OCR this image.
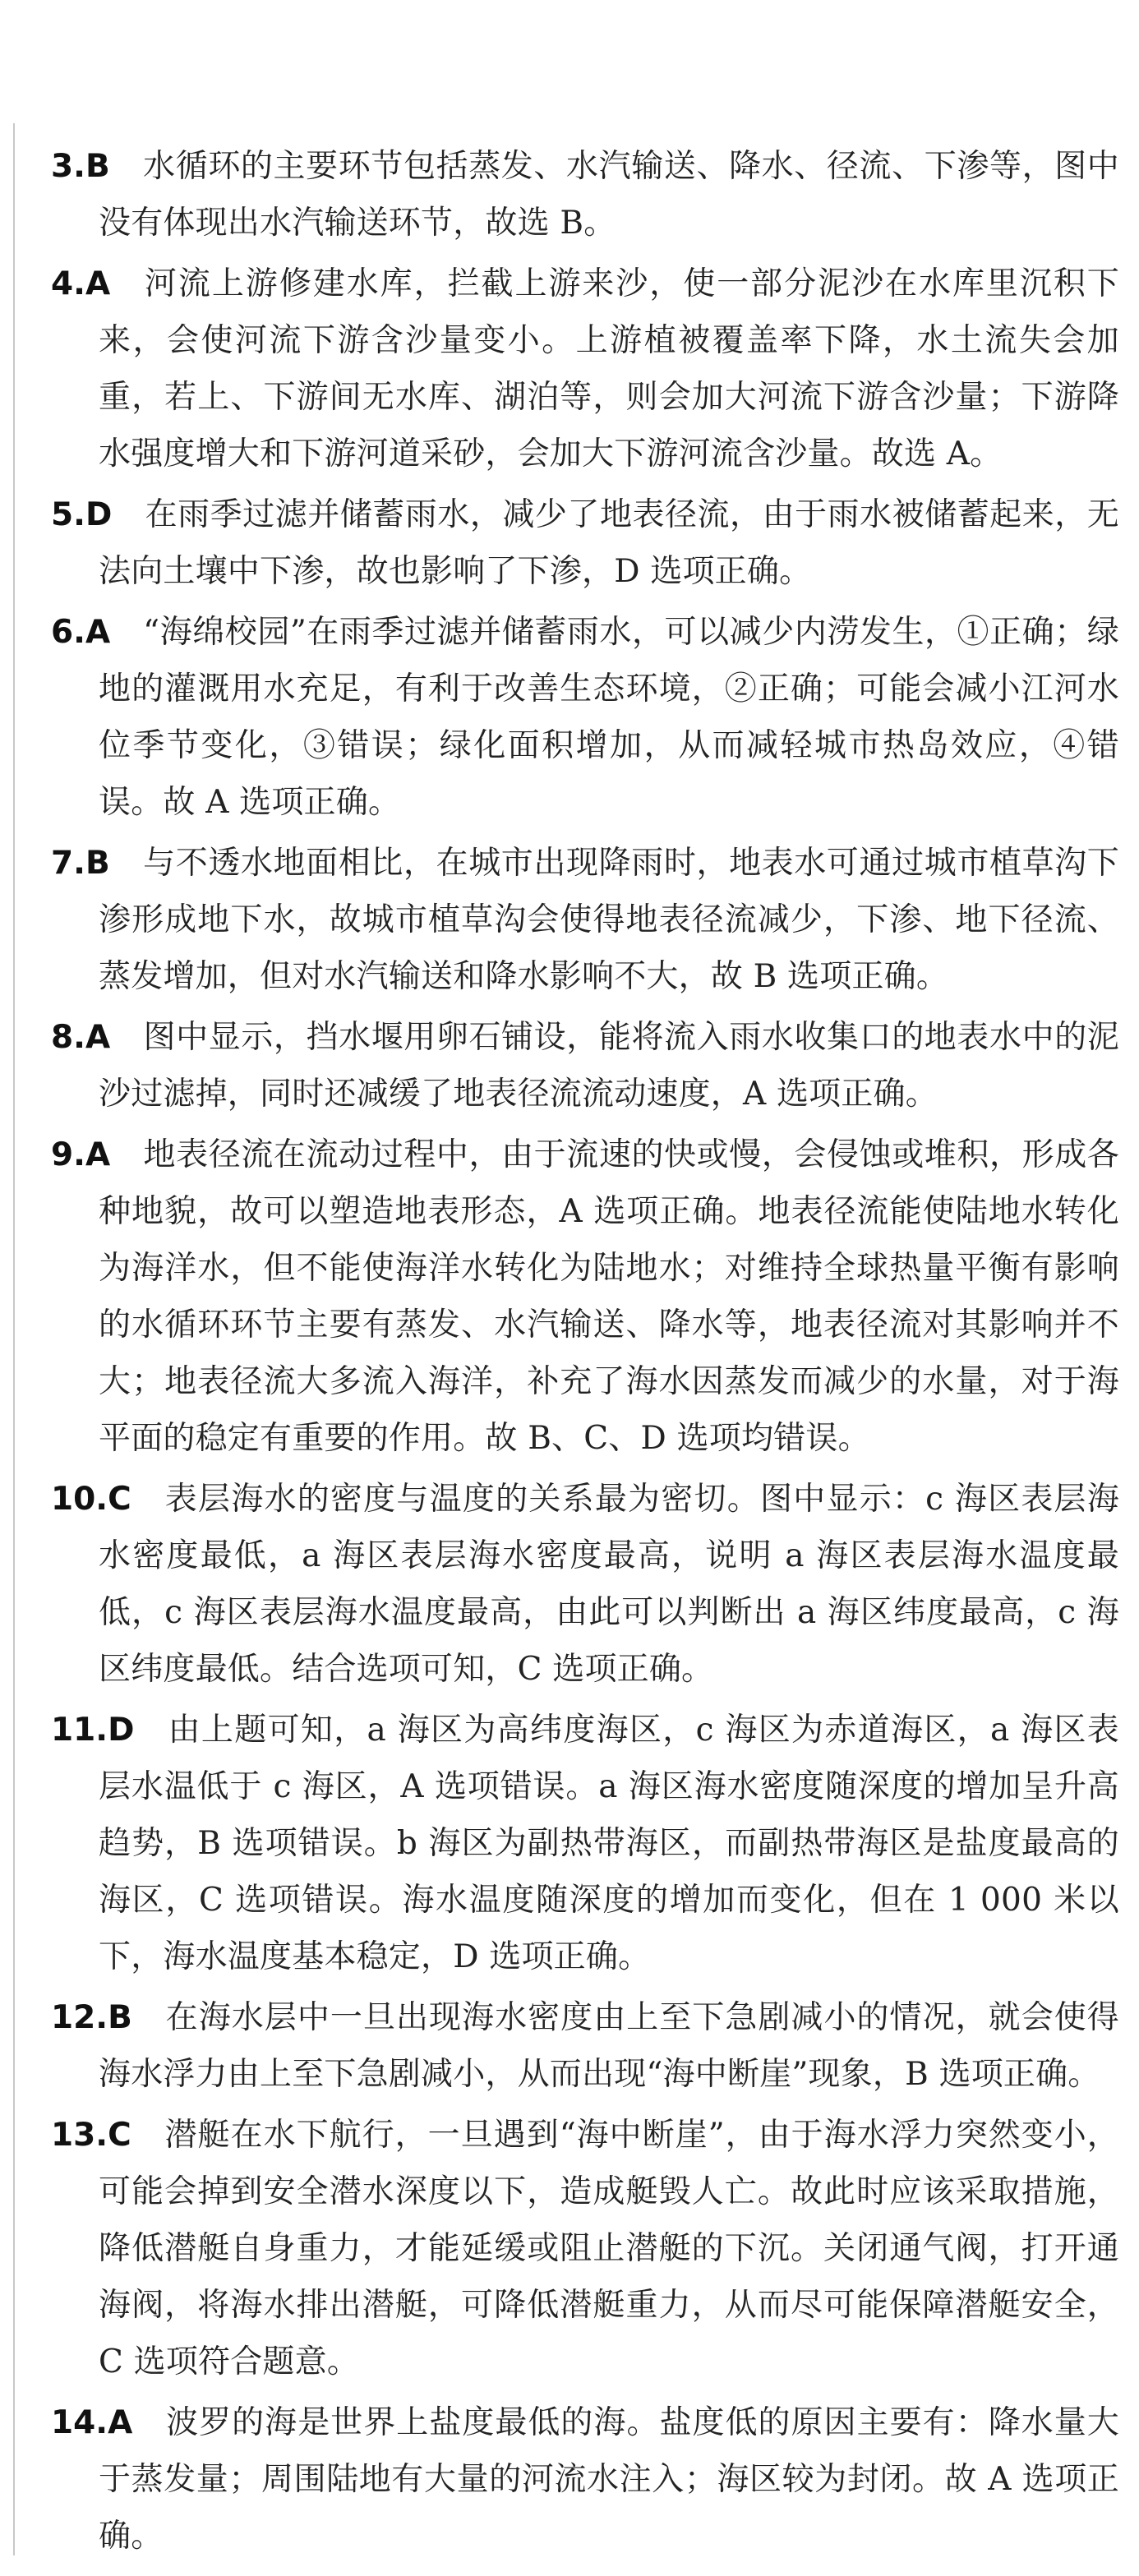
3.B 水循环的主要环节包括蒸发、水汽输送、降水、径流、下渗等，图中没有体现出水汽输送环节，故选 B。
4.A 河流上游修建水库，拦截上游来沙，使一部分泥沙在水库里沉积下来，会使河流下游含沙量变小。上游植被覆盖率下降，水土流失会加重，若上、下游间无水库、湖泊等，则会加大河流下游含沙量；下游降水强度增大和下游河道采砂，会加大下游河流含沙量。故选 A。
5.D 在雨季过滤并储蓄雨水，减少了地表径流，由于雨水被储蓄起来，无法向土壤中下渗，故也影响了下渗，D 选项正确。
6.A “海绵校园”在雨季过滤并储蓄雨水，可以减少内涝发生，①正确；绿地的灌溉用水充足，有利于改善生态环境，②正确；可能会减小江河水位季节变化，③错误；绿化面积增加，从而减轻城市热岛效应，④错误。故 A 选项正确。
7.B 与不透水地面相比，在城市出现降雨时，地表水可通过城市植草沟下渗形成地下水，故城市植草沟会使得地表径流减少，下渗、地下径流、蒸发增加，但对水汽输送和降水影响不大，故 B 选项正确。
8.A 图中显示，挡水堰用卵石铺设，能将流入雨水收集口的地表水中的泥沙过滤掉，同时还减缓了地表径流流动速度，A 选项正确。
9.A 地表径流在流动过程中，由于流速的快或慢，会侵蚀或堆积，形成各种地貌，故可以塑造地表形态，A 选项正确。地表径流能使陆地水转化为海洋水，但不能使海洋水转化为陆地水；对维持全球热量平衡有影响的水循环环节主要有蒸发、水汽输送、降水等，地表径流对其影响并不大；地表径流大多流入海洋，补充了海水因蒸发而减少的水量，对于海平面的稳定有重要的作用。故 B、C、D 选项均错误。
10.C 表层海水的密度与温度的关系最为密切。图中显示：c 海区表层海水密度最低，a 海区表层海水密度最高，说明 a 海区表层海水温度最低，c 海区表层海水温度最高，由此可以判断出 a 海区纬度最高，c 海区纬度最低。结合选项可知，C 选项正确。
11.D 由上题可知，a 海区为高纬度海区，c 海区为赤道海区，a 海区表层水温低于 c 海区，A 选项错误。a 海区海水密度随深度的增加呈升高趋势，B 选项错误。b 海区为副热带海区，而副热带海区是盐度最高的海区，C 选项错误。海水温度随深度的增加而变化，但在 1 000 米以下，海水温度基本稳定，D 选项正确。
12.B 在海水层中一旦出现海水密度由上至下急剧减小的情况，就会使得海水浮力由上至下急剧减小，从而出现“海中断崖”现象，B 选项正确。
13.C 潜艇在水下航行，一旦遇到“海中断崖”，由于海水浮力突然变小，可能会掉到安全潜水深度以下，造成艇毁人亡。故此时应该采取措施，降低潜艇自身重力，才能延缓或阻止潜艇的下沉。关闭通气阀，打开通海阀，将海水排出潜艇，可降低潜艇重力，从而尽可能保障潜艇安全，C 选项符合题意。
14.A 波罗的海是世界上盐度最低的海。盐度低的原因主要有：降水量大于蒸发量；周围陆地有大量的河流水注入；海区较为封闭。故 A 选项正确。
